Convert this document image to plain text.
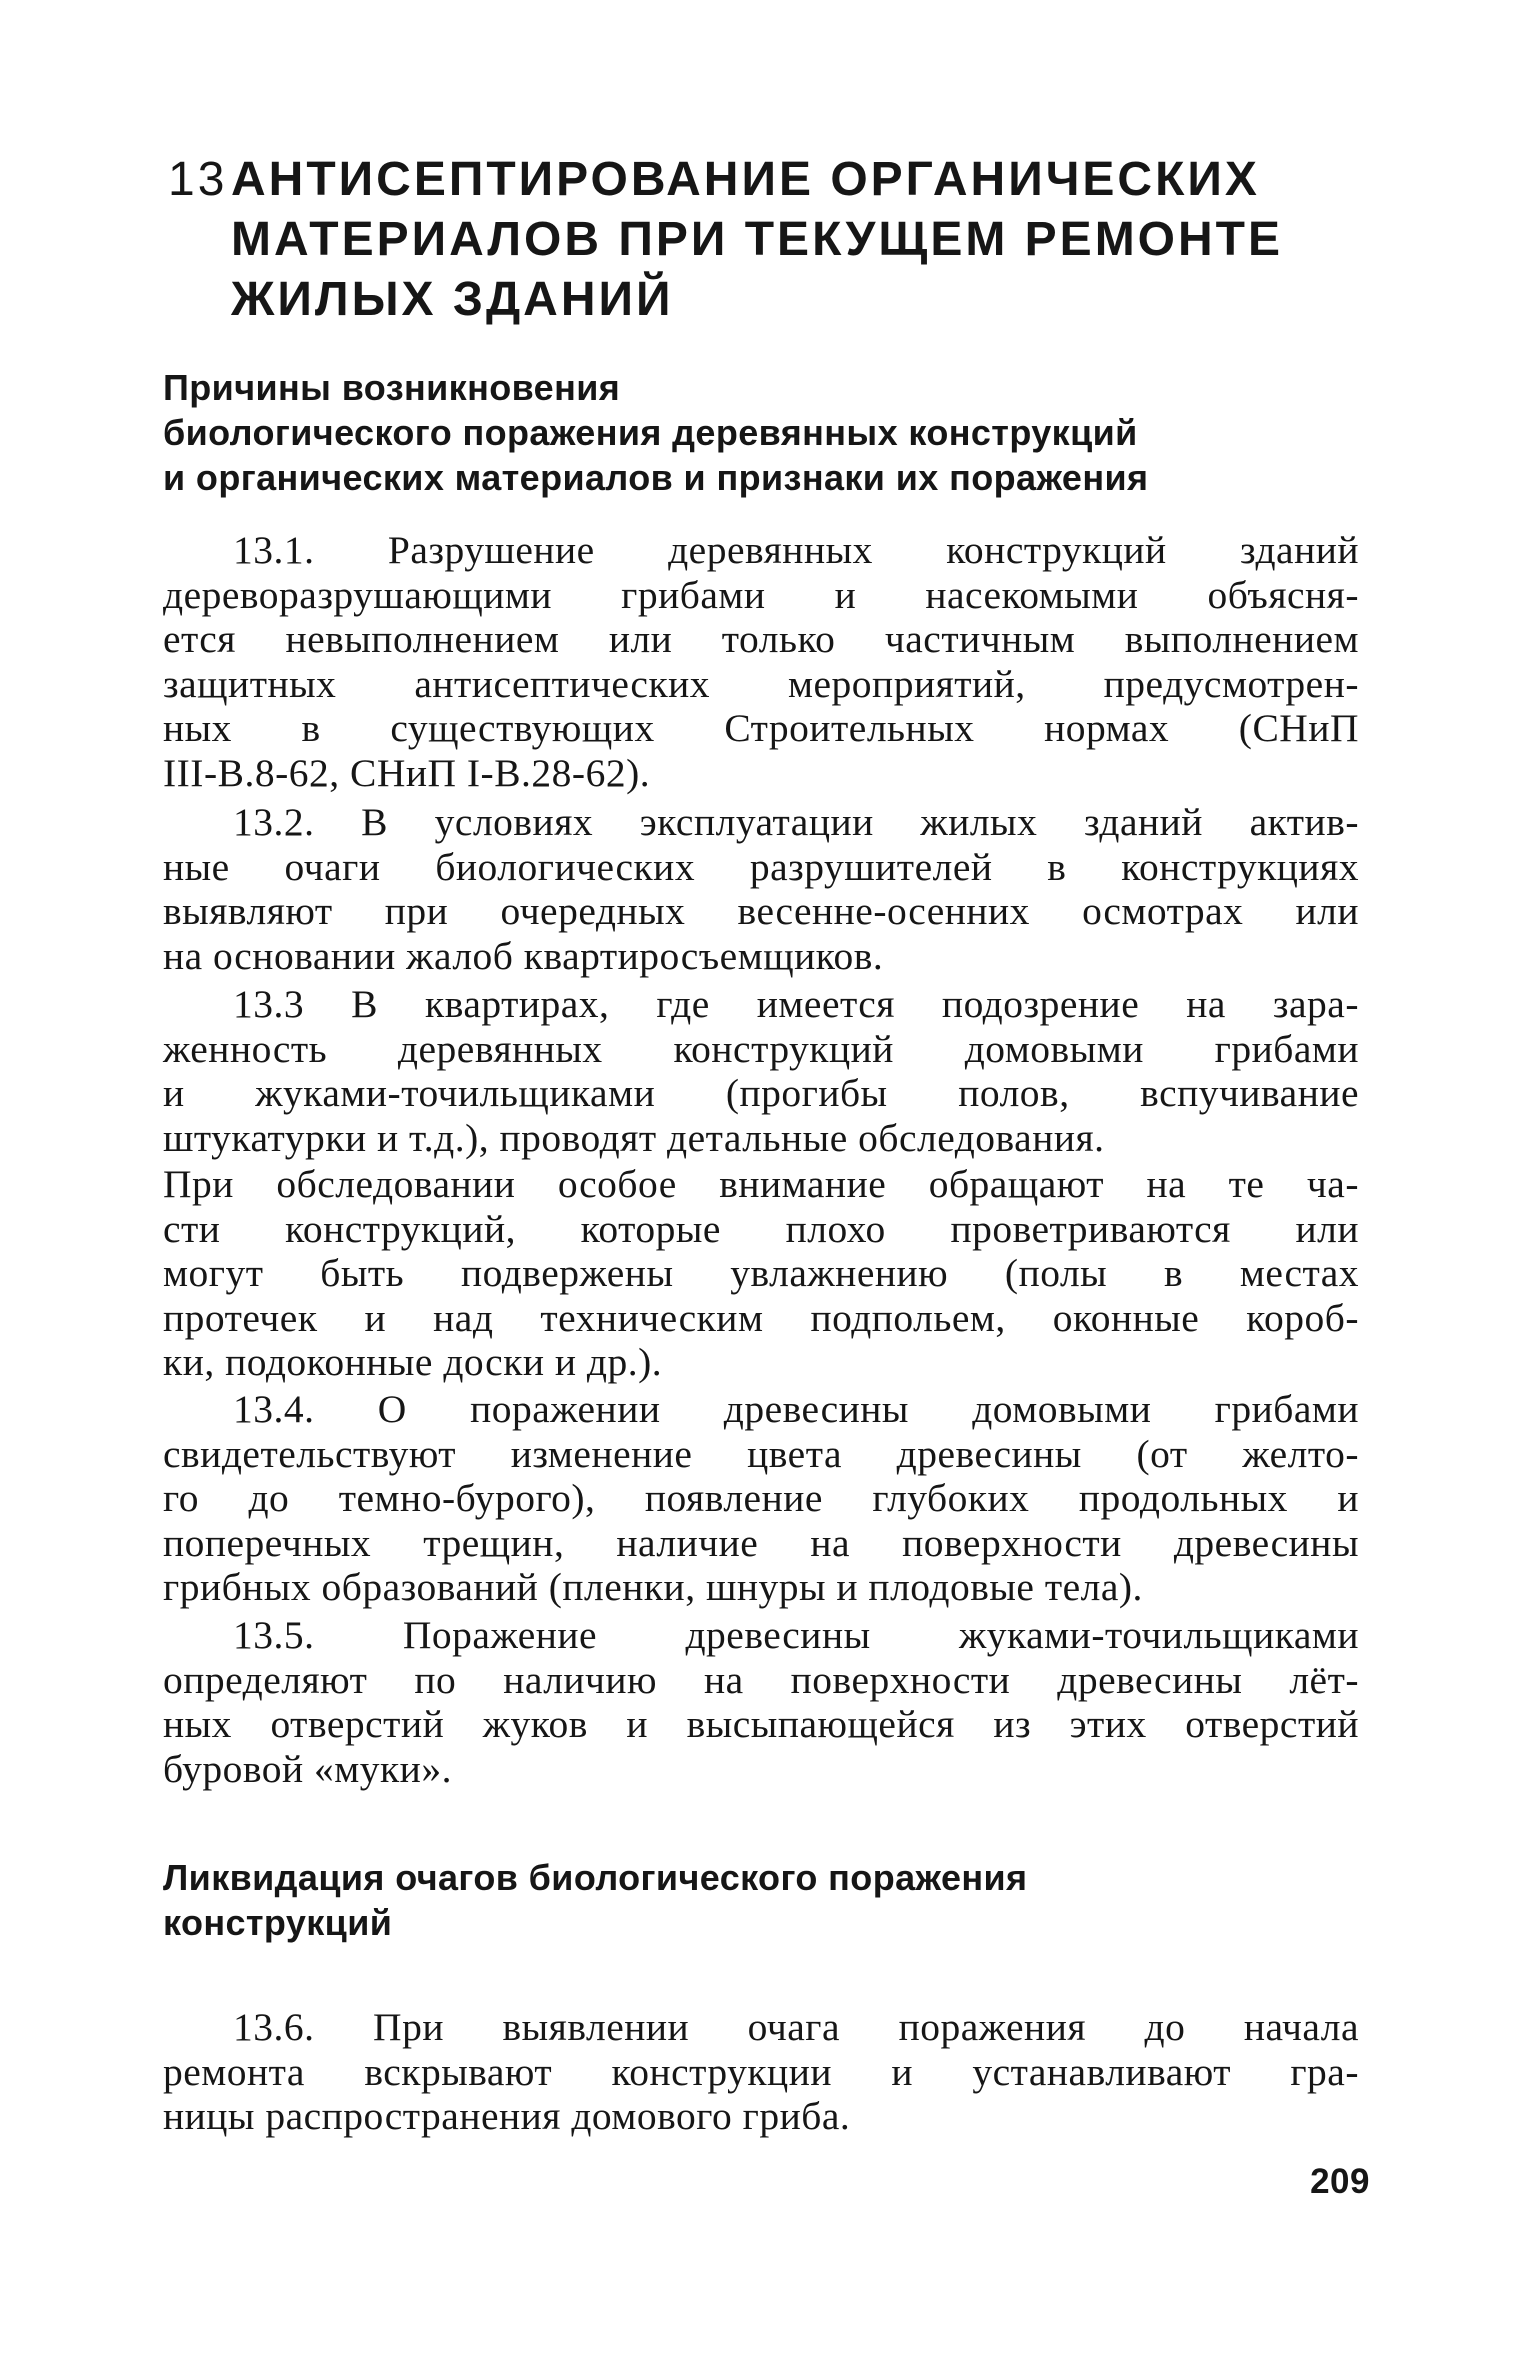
13 АНТИСЕПТИРОВАНИЕ ОРГАНИЧЕСКИХ
МАТЕРИАЛОВ ПРИ ТЕКУЩЕМ РЕМОНТЕ
ЖИЛЫХ ЗДАНИЙ
Причины возникновения
биологического поражения деревянных конструкций
и органических материалов и признаки их поражения
13.1. Разрушение деревянных конструкций зданий
дереворазрушающими грибами и насекомыми объясня-
ется невыполнением или только частичным выполнением
защитных антисептических мероприятий, предусмотрен-
ных в существующих Строительных нормах (СНиП
III-В.8-62, СНиП I-В.28-62).
13.2. В условиях эксплуатации жилых зданий актив-
ные очаги биологических разрушителей в конструкциях
выявляют при очередных весенне-осенних осмотрах или
на основании жалоб квартиросъемщиков.
13.3 В квартирах, где имеется подозрение на зара-
женность деревянных конструкций домовыми грибами
и жуками-точильщиками (прогибы полов, вспучивание
штукатурки и т.д.), проводят детальные обследования.
При обследовании особое внимание обращают на те ча-
сти конструкций, которые плохо проветриваются или
могут быть подвержены увлажнению (полы в местах
протечек и над техническим подпольем, оконные короб-
ки, подоконные доски и др.).
13.4. О поражении древесины домовыми грибами
свидетельствуют изменение цвета древесины (от желто-
го до темно-бурого), появление глубоких продольных и
поперечных трещин, наличие на поверхности древесины
грибных образований (пленки, шнуры и плодовые тела).
13.5. Поражение древесины жуками-точильщиками
определяют по наличию на поверхности древесины лёт-
ных отверстий жуков и высыпающейся из этих отверстий
буровой «муки».
Ликвидация очагов биологического поражения
конструкций
13.6. При выявлении очага поражения до начала
ремонта вскрывают конструкции и устанавливают гра-
ницы распространения домового гриба.
209
